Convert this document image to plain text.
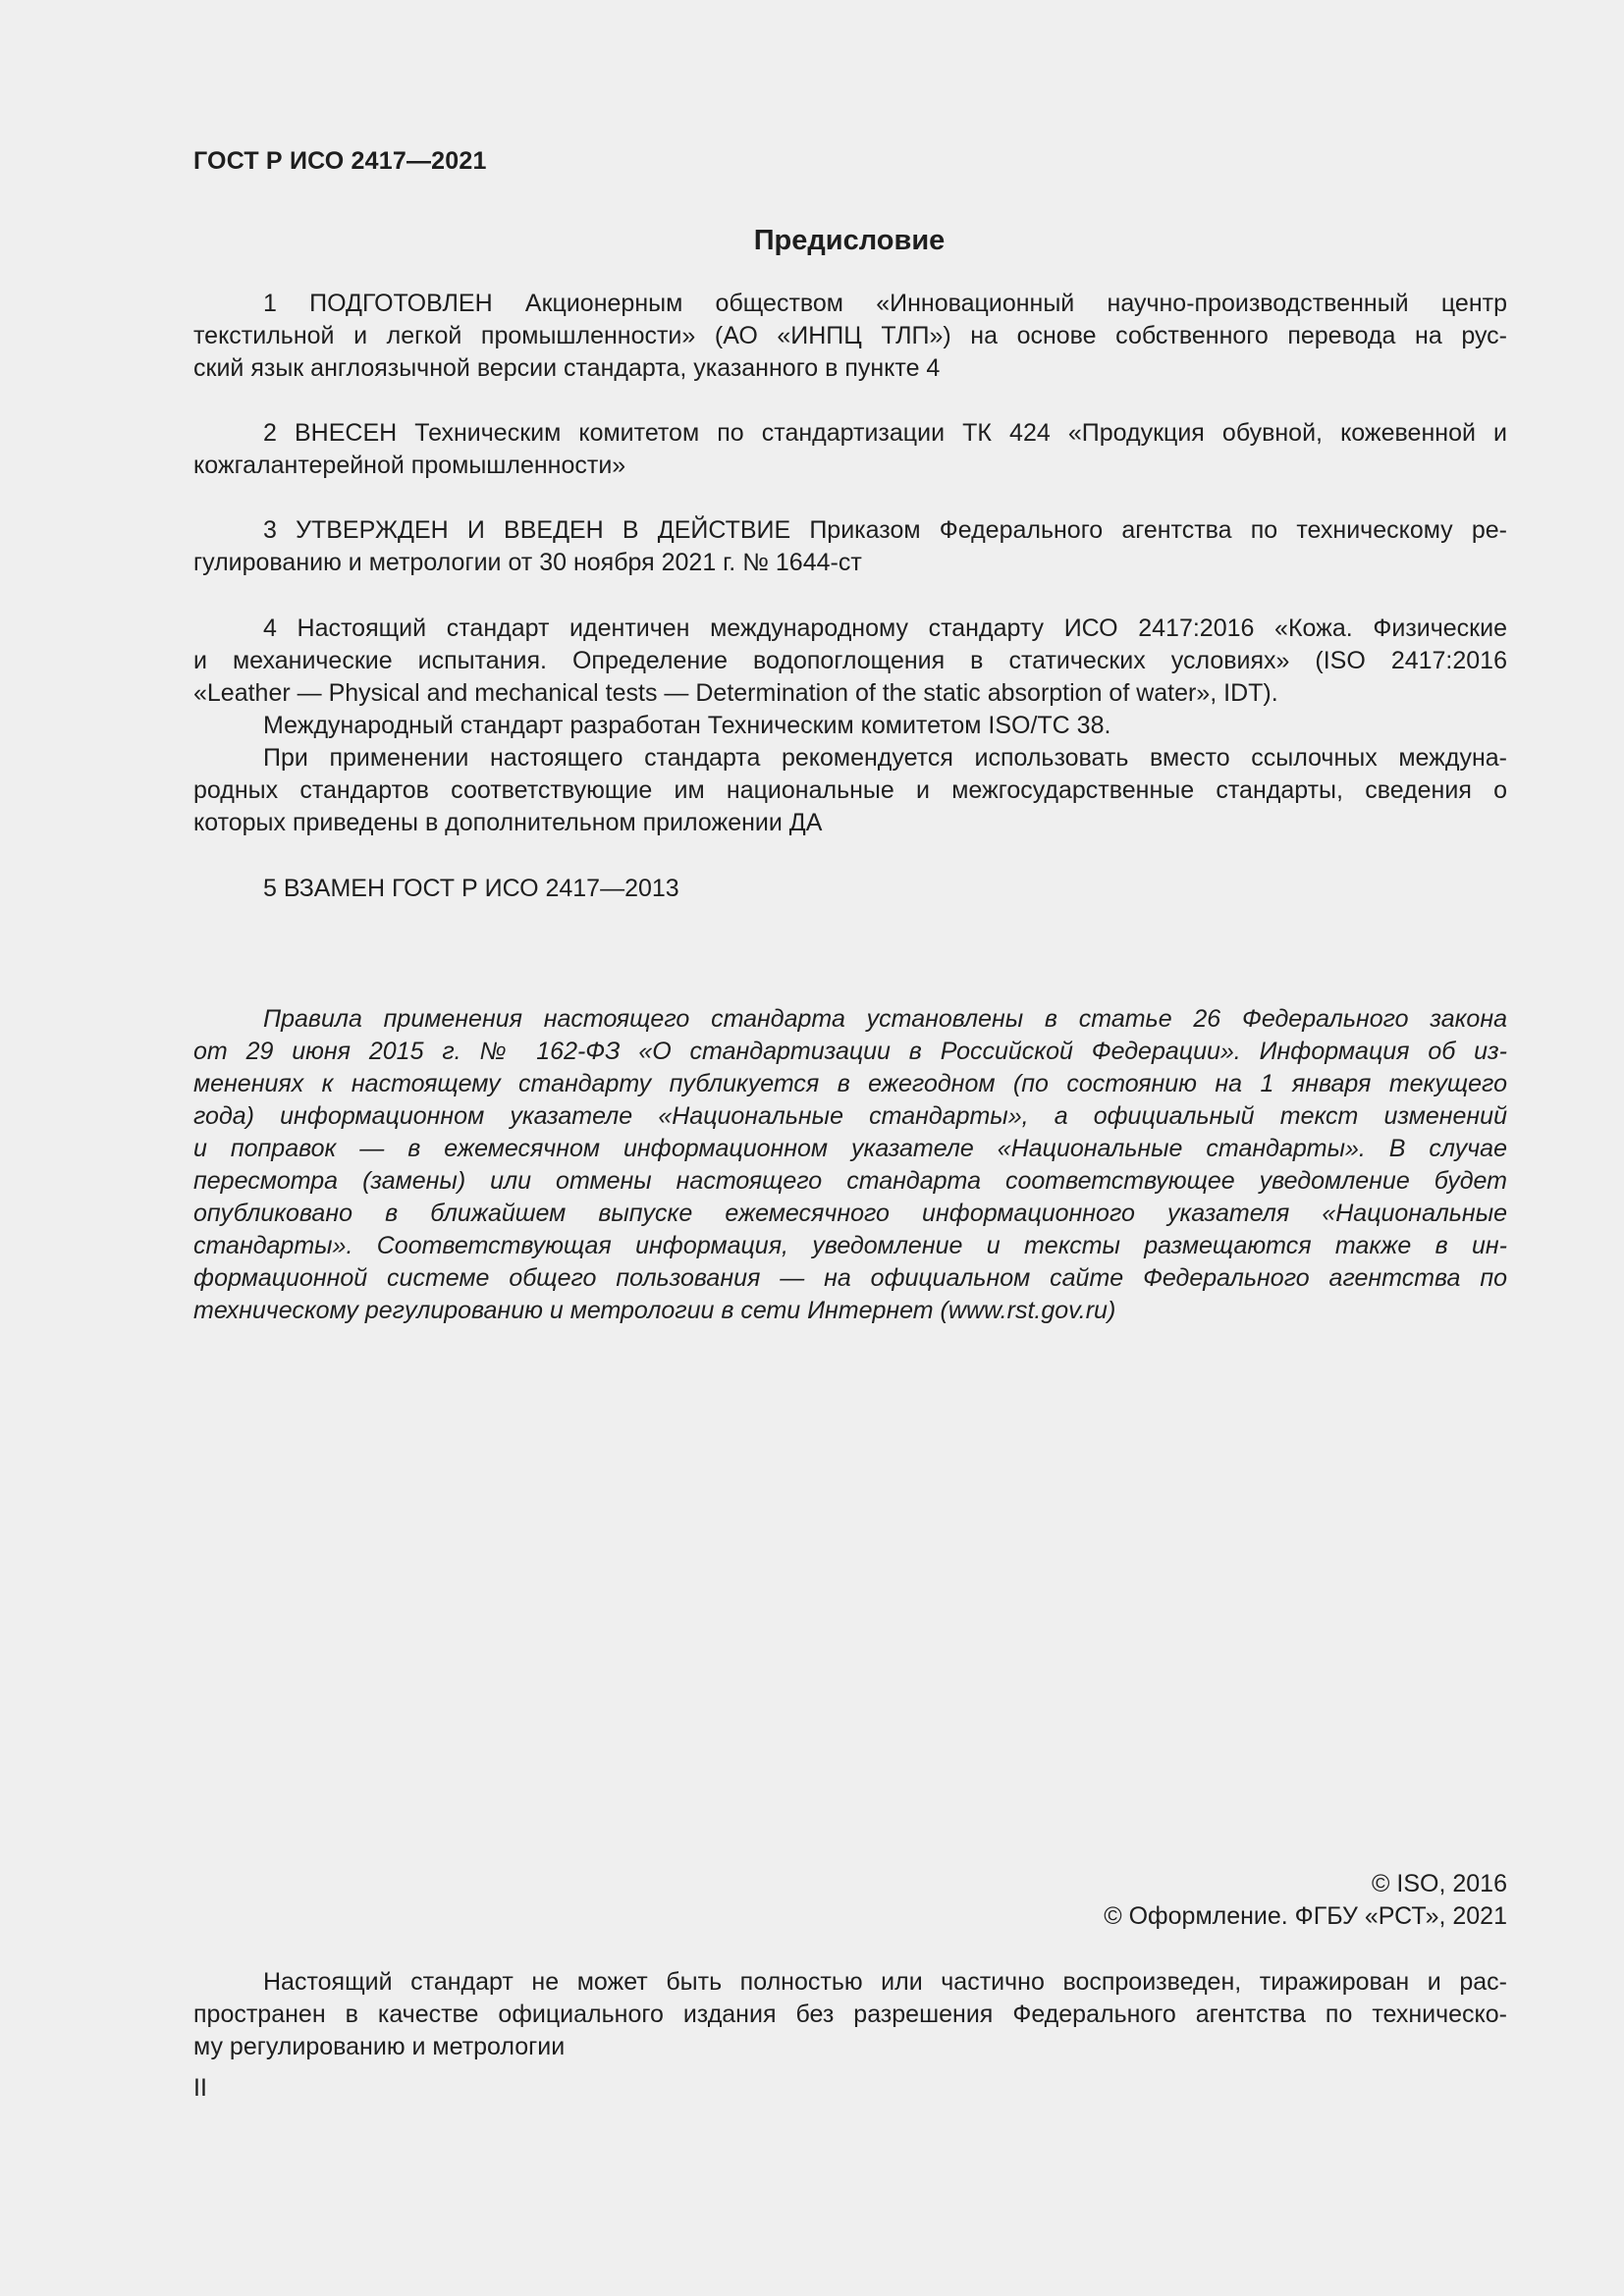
ГОСТ Р ИСО 2417—2021
Предисловие
1 ПОДГОТОВЛЕН Акционерным обществом «Инновационный научно-производственный центр
текстильной и легкой промышленности» (АО «ИНПЦ ТЛП») на основе собственного перевода на рус-
ский язык англоязычной версии стандарта, указанного в пункте 4
2 ВНЕСЕН Техническим комитетом по стандартизации ТК 424 «Продукция обувной, кожевенной и
кожгалантерейной промышленности»
3 УТВЕРЖДЕН И ВВЕДЕН В ДЕЙСТВИЕ Приказом Федерального агентства по техническому ре-
гулированию и метрологии от 30 ноября 2021 г. № 1644-ст
4 Настоящий стандарт идентичен международному стандарту ИСО 2417:2016 «Кожа. Физические
и механические испытания. Определение водопоглощения в статических условиях» (ISO 2417:2016
«Leather — Physical and mechanical tests — Determination of the static absorption of water», IDT).
Международный стандарт разработан Техническим комитетом ISO/TC 38.
При применении настоящего стандарта рекомендуется использовать вместо ссылочных междуна-
родных стандартов соответствующие им национальные и межгосударственные стандарты, сведения о
которых приведены в дополнительном приложении ДА
5 ВЗАМЕН ГОСТ Р ИСО 2417—2013
Правила применения настоящего стандарта установлены в статье 26 Федерального закона
от 29 июня 2015 г. № 162-ФЗ «О стандартизации в Российской Федерации». Информация об из-
менениях к настоящему стандарту публикуется в ежегодном (по состоянию на 1 января текущего
года) информационном указателе «Национальные стандарты», а официальный текст изменений
и поправок — в ежемесячном информационном указателе «Национальные стандарты». В случае
пересмотра (замены) или отмены настоящего стандарта соответствующее уведомление будет
опубликовано в ближайшем выпуске ежемесячного информационного указателя «Национальные
стандарты». Соответствующая информация, уведомление и тексты размещаются также в ин-
формационной системе общего пользования — на официальном сайте Федерального агентства по
техническому регулированию и метрологии в сети Интернет (www.rst.gov.ru)
© ISO, 2016
© Оформление. ФГБУ «РСТ», 2021
Настоящий стандарт не может быть полностью или частично воспроизведен, тиражирован и рас-
пространен в качестве официального издания без разрешения Федерального агентства по техническо-
му регулированию и метрологии
II
